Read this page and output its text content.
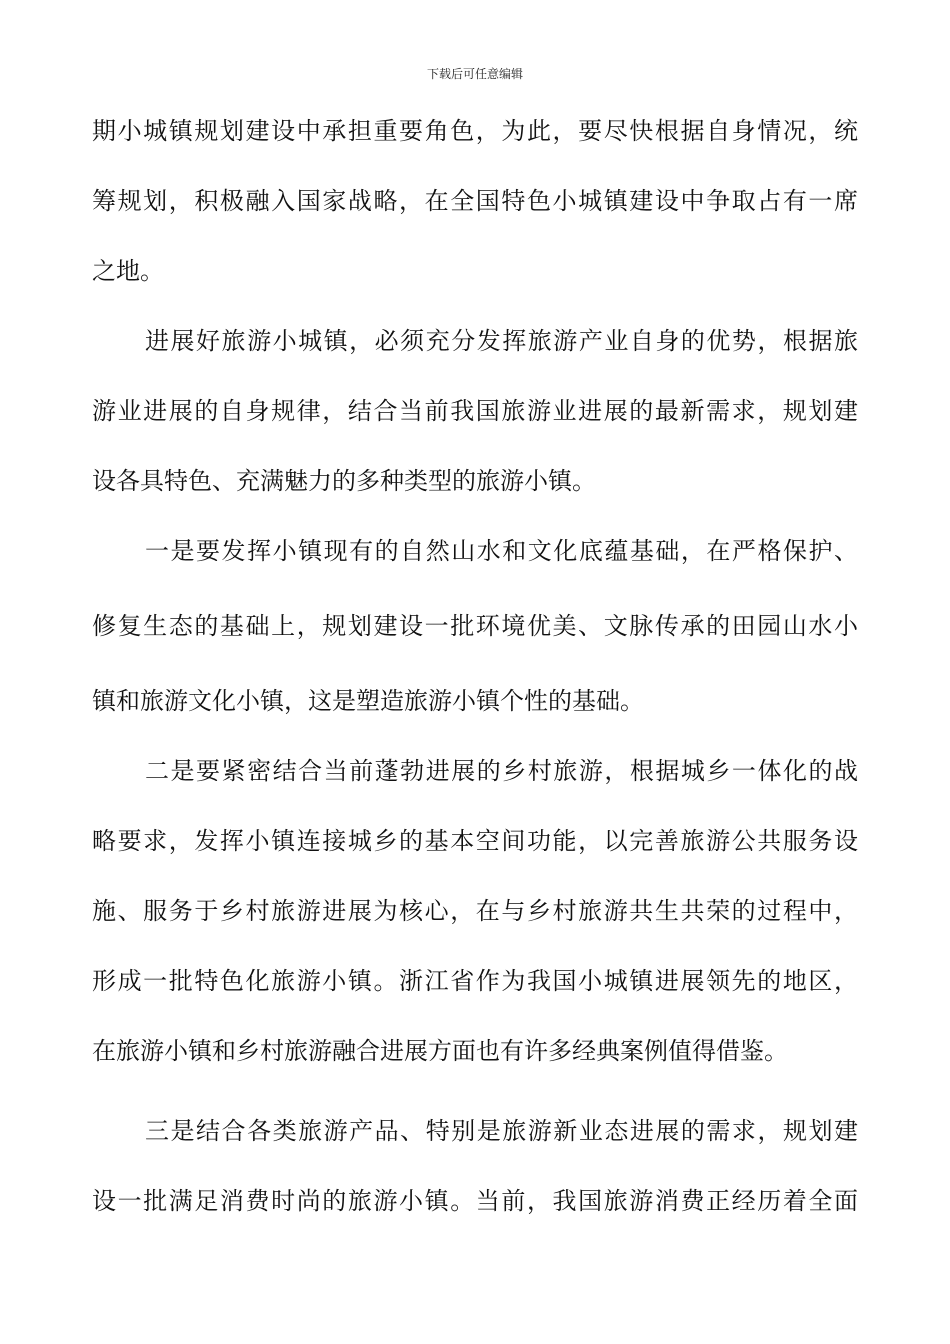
下载后可任意编辑
期小城镇规划建设中承担重要角色，为此，要尽快根据自身情况，统
筹规划，积极融入国家战略，在全国特色小城镇建设中争取占有一席
之地。
进展好旅游小城镇，必须充分发挥旅游产业自身的优势，根据旅
游业进展的自身规律，结合当前我国旅游业进展的最新需求，规划建
设各具特色、充满魅力的多种类型的旅游小镇。
一是要发挥小镇现有的自然山水和文化底蕴基础，在严格保护、
修复生态的基础上，规划建设一批环境优美、文脉传承的田园山水小
镇和旅游文化小镇，这是塑造旅游小镇个性的基础。
二是要紧密结合当前蓬勃进展的乡村旅游，根据城乡一体化的战
略要求，发挥小镇连接城乡的基本空间功能，以完善旅游公共服务设
施、服务于乡村旅游进展为核心，在与乡村旅游共生共荣的过程中，
形成一批特色化旅游小镇。浙江省作为我国小城镇进展领先的地区，
在旅游小镇和乡村旅游融合进展方面也有许多经典案例值得借鉴。
三是结合各类旅游产品、特别是旅游新业态进展的需求，规划建
设一批满足消费时尚的旅游小镇。当前，我国旅游消费正经历着全面
